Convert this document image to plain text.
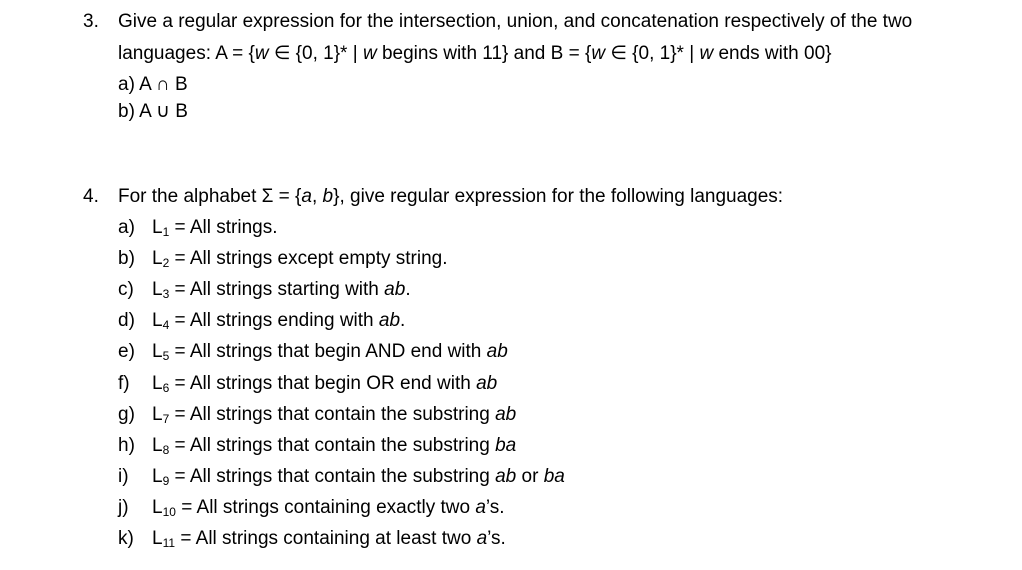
3. Give a regular expression for the intersection, union, and concatenation respectively of the two
languages: A = {w ∈ {0, 1}* | w begins with 11} and B = {w ∈ {0, 1}* | w ends with 00}
a) A ∩ B
b) A ∪ B
4. For the alphabet Σ = {a, b}, give regular expression for the following languages:
a) $L_1$ = All strings.
b) $L_2$ = All strings except empty string.
c) $L_3$ = All strings starting with ab.
d) $L_4$ = All strings ending with ab.
e) $L_5$ = All strings that begin AND end with ab
f) $L_6$ = All strings that begin OR end with ab
g) $L_7$ = All strings that contain the substring ab
h) $L_8$ = All strings that contain the substring ba
i) $L_9$ = All strings that contain the substring ab or ba
j) $L_{10}$ = All strings containing exactly two a’s.
k) $L_{11}$ = All strings containing at least two a’s.
